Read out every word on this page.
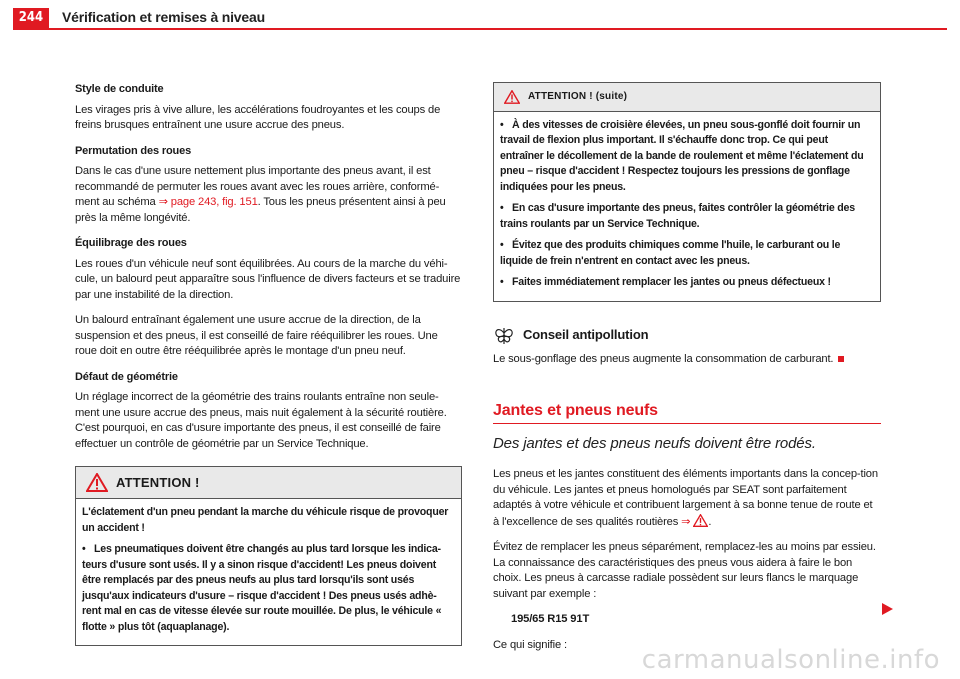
244	Vérification et remises à niveau
Style de conduite

Les virages pris à vive allure, les accélérations foudroyantes et les coups de freins brusques entraînent une usure accrue des pneus.

Permutation des roues

Dans le cas d'une usure nettement plus importante des pneus avant, il est recommandé de permuter les roues avant avec les roues arrière, conformé-ment au schéma ⇒ page 243, fig. 151. Tous les pneus présentent ainsi à peu près la même longévité.

Équilibrage des roues

Les roues d'un véhicule neuf sont équilibrées. Au cours de la marche du véhi-cule, un balourd peut apparaître sous l'influence de divers facteurs et se traduire par une instabilité de la direction.

Un balourd entraînant également une usure accrue de la direction, de la suspension et des pneus, il est conseillé de faire rééquilibrer les roues. Une roue doit en outre être rééquilibrée après le montage d'un pneu neuf.

Défaut de géométrie

Un réglage incorrect de la géométrie des trains roulants entraîne non seule-ment une usure accrue des pneus, mais nuit également à la sécurité routière. C'est pourquoi, en cas d'usure importante des pneus, il est conseillé de faire effectuer un contrôle de géométrie par un Service Technique.

ATTENTION !
L'éclatement d'un pneu pendant la marche du véhicule risque de provoquer un accident !
• Les pneumatiques doivent être changés au plus tard lorsque les indica-teurs d'usure sont usés. Il y a sinon risque d'accident! Les pneus doivent être remplacés par des pneus neufs au plus tard lorsqu'ils sont usés jusqu'aux indicateurs d'usure – risque d'accident ! Des pneus usés adhè-rent mal en cas de vitesse élevée sur route mouillée. De plus, le véhicule « flotte » plus tôt (aquaplanage).
ATTENTION ! (suite)
• À des vitesses de croisière élevées, un pneu sous-gonflé doit fournir un travail de flexion plus important. Il s'échauffe donc trop. Ce qui peut entraîner le décollement de la bande de roulement et même l'éclatement du pneu – risque d'accident ! Respectez toujours les pressions de gonflage indiquées pour les pneus.
• En cas d'usure importante des pneus, faites contrôler la géométrie des trains roulants par un Service Technique.
• Évitez que des produits chimiques comme l'huile, le carburant ou le liquide de frein n'entrent en contact avec les pneus.
• Faites immédiatement remplacer les jantes ou pneus défectueux !
Conseil antipollution

Le sous-gonflage des pneus augmente la consommation de carburant.

Jantes et pneus neufs
Des jantes et des pneus neufs doivent être rodés.

Les pneus et les jantes constituent des éléments importants dans la concep-tion du véhicule. Les jantes et pneus homologués par SEAT sont parfaitement adaptés à votre véhicule et contribuent largement à sa bonne tenue de route et à l'excellence de ses qualités routières ⇒ .

Évitez de remplacer les pneus séparément, remplacez-les au moins par essieu. La connaissance des caractéristiques des pneus vous aidera à faire le bon choix. Les pneus à carcasse radiale possèdent sur leurs flancs le marquage suivant par exemple :

195/65 R15 91T

Ce qui signifie :

carmanualsonline.info
